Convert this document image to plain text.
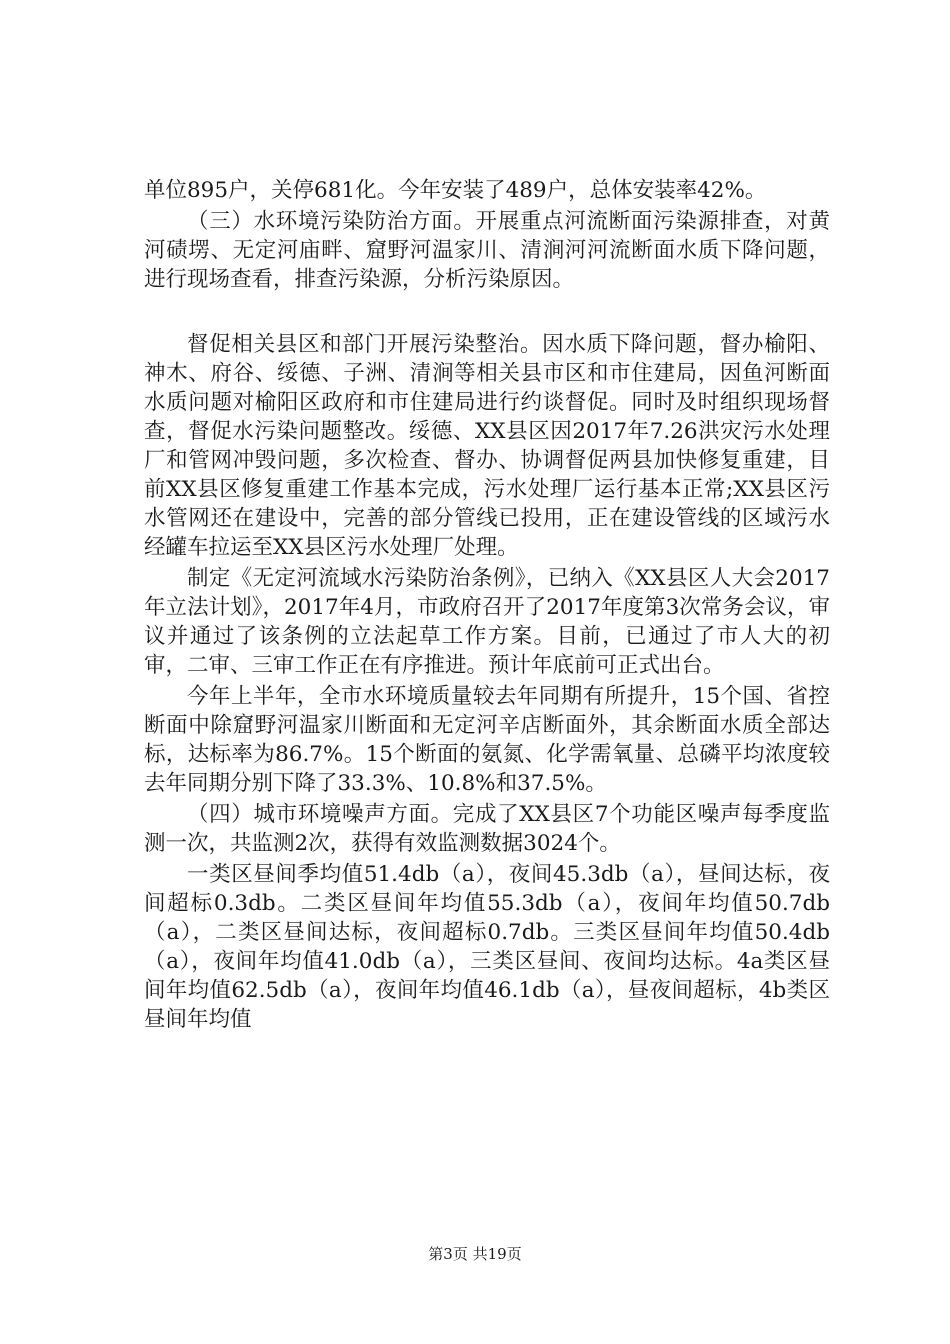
单位895户，关停681化。今年安装了489户，总体安装率42%。

（三）水环境污染防治方面。开展重点河流断面污染源排查，对黄河碛塄、无定河庙畔、窟野河温家川、清涧河河流断面水质下降问题，进行现场查看，排查污染源，分析污染原因。

督促相关县区和部门开展污染整治。因水质下降问题，督办榆阳、神木、府谷、绥德、子洲、清涧等相关县市区和市住建局，因鱼河断面水质问题对榆阳区政府和市住建局进行约谈督促。同时及时组织现场督查，督促水污染问题整改。绥德、XX县区因2017年7.26洪灾污水处理厂和管网冲毁问题，多次检查、督办、协调督促两县加快修复重建，目前XX县区修复重建工作基本完成，污水处理厂运行基本正常;XX县区污水管网还在建设中，完善的部分管线已投用，正在建设管线的区域污水经罐车拉运至XX县区污水处理厂处理。

制定《无定河流域水污染防治条例》，已纳入《XX县区人大会2017年立法计划》，2017年4月，市政府召开了2017年度第3次常务会议，审议并通过了该条例的立法起草工作方案。目前，已通过了市人大的初审，二审、三审工作正在有序推进。预计年底前可正式出台。

今年上半年，全市水环境质量较去年同期有所提升，15个国、省控断面中除窟野河温家川断面和无定河辛店断面外，其余断面水质全部达标，达标率为86.7%。15个断面的氨氮、化学需氧量、总磷平均浓度较去年同期分别下降了33.3%、10.8%和37.5%。

（四）城市环境噪声方面。完成了XX县区7个功能区噪声每季度监测一次，共监测2次，获得有效监测数据3024个。

一类区昼间季均值51.4db（a），夜间45.3db（a），昼间达标，夜间超标0.3db。二类区昼间年均值55.3db（a），夜间年均值50.7db（a），二类区昼间达标，夜间超标0.7db。三类区昼间年均值50.4db（a），夜间年均值41.0db（a），三类区昼间、夜间均达标。4a类区昼间年均值62.5db（a），夜间年均值46.1db（a），昼夜间超标，4b类区昼间年均值

第3页 共19页
